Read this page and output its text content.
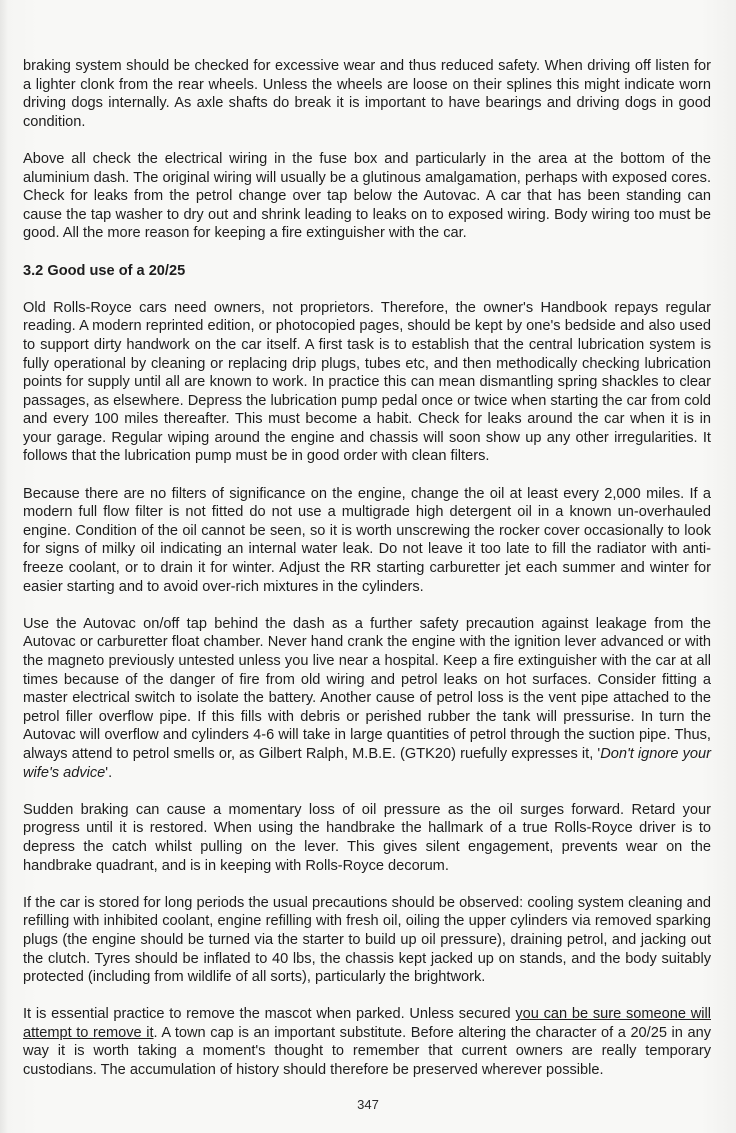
braking system should be checked for excessive wear and thus reduced safety. When driving off listen for a lighter clonk from the rear wheels. Unless the wheels are loose on their splines this might indicate worn driving dogs internally. As axle shafts do break it is important to have bearings and driving dogs in good condition.

Above all check the electrical wiring in the fuse box and particularly in the area at the bottom of the aluminium dash. The original wiring will usually be a glutinous amalgamation, perhaps with exposed cores. Check for leaks from the petrol change over tap below the Autovac. A car that has been standing can cause the tap washer to dry out and shrink leading to leaks on to exposed wiring. Body wiring too must be good. All the more reason for keeping a fire extinguisher with the car.

3.2 Good use of a 20/25

Old Rolls-Royce cars need owners, not proprietors. Therefore, the owner's Handbook repays regular reading. A modern reprinted edition, or photocopied pages, should be kept by one's bedside and also used to support dirty handwork on the car itself. A first task is to establish that the central lubrication system is fully operational by cleaning or replacing drip plugs, tubes etc, and then methodically checking lubrication points for supply until all are known to work. In practice this can mean dismantling spring shackles to clear passages, as elsewhere. Depress the lubrication pump pedal once or twice when starting the car from cold and every 100 miles thereafter. This must become a habit. Check for leaks around the car when it is in your garage. Regular wiping around the engine and chassis will soon show up any other irregularities. It follows that the lubrication pump must be in good order with clean filters.

Because there are no filters of significance on the engine, change the oil at least every 2,000 miles. If a modern full flow filter is not fitted do not use a multigrade high detergent oil in a known un-overhauled engine. Condition of the oil cannot be seen, so it is worth unscrewing the rocker cover occasionally to look for signs of milky oil indicating an internal water leak. Do not leave it too late to fill the radiator with anti-freeze coolant, or to drain it for winter. Adjust the RR starting carburetter jet each summer and winter for easier starting and to avoid over-rich mixtures in the cylinders.

Use the Autovac on/off tap behind the dash as a further safety precaution against leakage from the Autovac or carburetter float chamber. Never hand crank the engine with the ignition lever advanced or with the magneto previously untested unless you live near a hospital. Keep a fire extinguisher with the car at all times because of the danger of fire from old wiring and petrol leaks on hot surfaces. Consider fitting a master electrical switch to isolate the battery. Another cause of petrol loss is the vent pipe attached to the petrol filler overflow pipe. If this fills with debris or perished rubber the tank will pressurise. In turn the Autovac will overflow and cylinders 4-6 will take in large quantities of petrol through the suction pipe. Thus, always attend to petrol smells or, as Gilbert Ralph, M.B.E. (GTK20) ruefully expresses it, 'Don't ignore your wife's advice'.

Sudden braking can cause a momentary loss of oil pressure as the oil surges forward. Retard your progress until it is restored. When using the handbrake the hallmark of a true Rolls-Royce driver is to depress the catch whilst pulling on the lever. This gives silent engagement, prevents wear on the handbrake quadrant, and is in keeping with Rolls-Royce decorum.

If the car is stored for long periods the usual precautions should be observed: cooling system cleaning and refilling with inhibited coolant, engine refilling with fresh oil, oiling the upper cylinders via removed sparking plugs (the engine should be turned via the starter to build up oil pressure), draining petrol, and jacking out the clutch. Tyres should be inflated to 40 lbs, the chassis kept jacked up on stands, and the body suitably protected (including from wildlife of all sorts), particularly the brightwork.

It is essential practice to remove the mascot when parked. Unless secured you can be sure someone will attempt to remove it. A town cap is an important substitute. Before altering the character of a 20/25 in any way it is worth taking a moment's thought to remember that current owners are really temporary custodians. The accumulation of history should therefore be preserved wherever possible.

347
